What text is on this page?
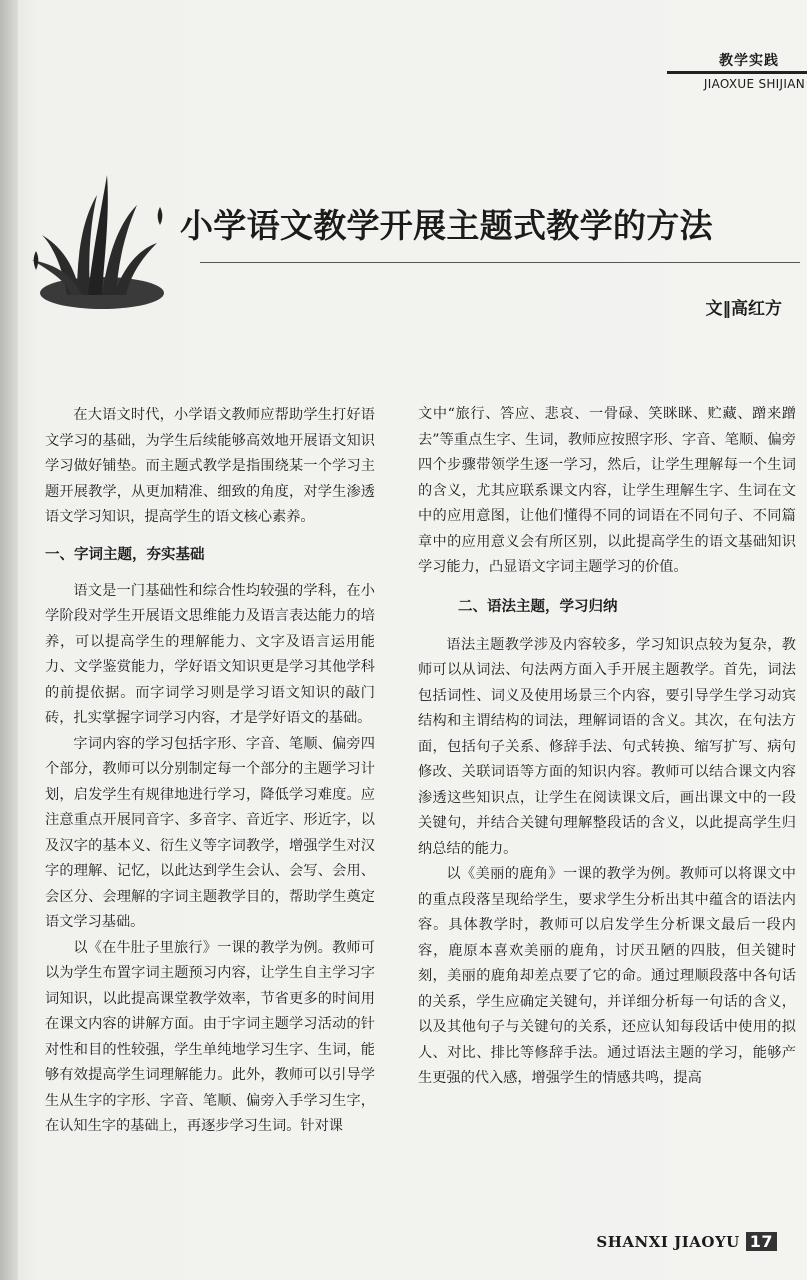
教学实践
JIAOXUE SHIJIAN
小学语文教学开展主题式教学的方法
文‖高红方

在大语文时代，小学语文教师应帮助学生打好语文学习的基础，为学生后续能够高效地开展语文知识学习做好铺垫。而主题式教学是指围绕某一个学习主题开展教学，从更加精准、细致的角度，对学生渗透语文学习知识，提高学生的语文核心素养。

一、字词主题，夯实基础

语文是一门基础性和综合性均较强的学科，在小学阶段对学生开展语文思维能力及语言表达能力的培养，可以提高学生的理解能力、文字及语言运用能力、文学鉴赏能力，学好语文知识更是学习其他学科的前提依据。而字词学习则是学习语文知识的敲门砖，扎实掌握字词学习内容，才是学好语文的基础。

字词内容的学习包括字形、字音、笔顺、偏旁四个部分，教师可以分别制定每一个部分的主题学习计划，启发学生有规律地进行学习，降低学习难度。应注意重点开展同音字、多音字、音近字、形近字，以及汉字的基本义、衍生义等字词教学，增强学生对汉字的理解、记忆，以此达到学生会认、会写、会用、会区分、会理解的字词主题教学目的，帮助学生奠定语文学习基础。

以《在牛肚子里旅行》一课的教学为例。教师可以为学生布置字词主题预习内容，让学生自主学习字词知识，以此提高课堂教学效率，节省更多的时间用在课文内容的讲解方面。由于字词主题学习活动的针对性和目的性较强，学生单纯地学习生字、生词，能够有效提高学生词理解能力。此外，教师可以引导学生从生字的字形、字音、笔顺、偏旁入手学习生字，在认知生字的基础上，再逐步学习生词。针对课

文中“旅行、答应、悲哀、一骨碌、笑眯眯、贮藏、蹭来蹭去”等重点生字、生词，教师应按照字形、字音、笔顺、偏旁四个步骤带领学生逐一学习，然后，让学生理解每一个生词的含义，尤其应联系课文内容，让学生理解生字、生词在文中的应用意图，让他们懂得不同的词语在不同句子、不同篇章中的应用意义会有所区别，以此提高学生的语文基础知识学习能力，凸显语文字词主题学习的价值。

二、语法主题，学习归纳

语法主题教学涉及内容较多，学习知识点较为复杂，教师可以从词法、句法两方面入手开展主题教学。首先，词法包括词性、词义及使用场景三个内容，要引导学生学习动宾结构和主谓结构的词法，理解词语的含义。其次，在句法方面，包括句子关系、修辞手法、句式转换、缩写扩写、病句修改、关联词语等方面的知识内容。教师可以结合课文内容渗透这些知识点，让学生在阅读课文后，画出课文中的一段关键句，并结合关键句理解整段话的含义，以此提高学生归纳总结的能力。

以《美丽的鹿角》一课的教学为例。教师可以将课文中的重点段落呈现给学生，要求学生分析出其中蕴含的语法内容。具体教学时，教师可以启发学生分析课文最后一段内容，鹿原本喜欢美丽的鹿角，讨厌丑陋的四肢，但关键时刻，美丽的鹿角却差点要了它的命。通过理顺段落中各句话的关系，学生应确定关键句，并详细分析每一句话的含义，以及其他句子与关键句的关系，还应认知每段话中使用的拟人、对比、排比等修辞手法。通过语法主题的学习，能够产生更强的代入感，增强学生的情感共鸣，提高

SHANXI JIAOYU 17
